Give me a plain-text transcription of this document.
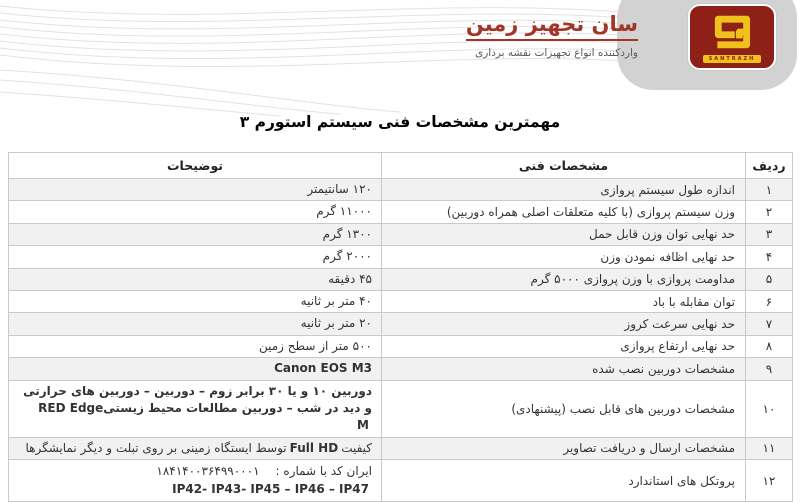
SANTRAZH
سان تجهیز زمین
واردکننده انواع تجهیزات نقشه برداری
مهمترین مشخصات فنی سیستم استورم ۳
ردیف	مشخصات فنی	توضیحات
۱	اندازه طول سیستم پروازی	۱۲۰ سانتیمتر
۲	وزن سیستم پروازی (با کلیه متعلقات اصلی همراه دوربین)	۱۱۰۰۰ گرم
۳	حد نهایی توان وزن قابل حمل	۱۳۰۰ گرم
۴	حد نهایی اظافه نمودن وزن	۲۰۰۰ گرم
۵	مداومت پروازی با وزن پروازی ۵۰۰۰ گرم	۴۵ دقیقه
۶	توان مقابله با باد	۴۰ متر بر ثانیه
۷	حد نهایی سرعت کروز	۲۰ متر بر ثانیه
۸	حد نهایی ارتفاع پروازی	۵۰۰ متر از سطح زمین
۹	مشخصات دوربین نصب شده	Canon EOS M3
۱۰	مشخصات دوربین های قابل نصب (پیشنهادی)	دوربین ۱۰ و یا ۳۰ برابر زوم – دوربین – دوربین های حرارتی و دید در شب – دوربین مطالعات محیط زیستیRED Edge M
۱۱	مشخصات ارسال و دریافت تصاویر	کیفیتFull HDتوسط ایستگاه زمینی بر روی تبلت و دیگر نمایشگرها
۱۲	پروتکل های استاندارد	ایران کد با شماره :۱۸۴۱۴۰۰۳۶۴۹۹۰۰۰۱
IP42- IP43- IP45 – IP46 – IP47
